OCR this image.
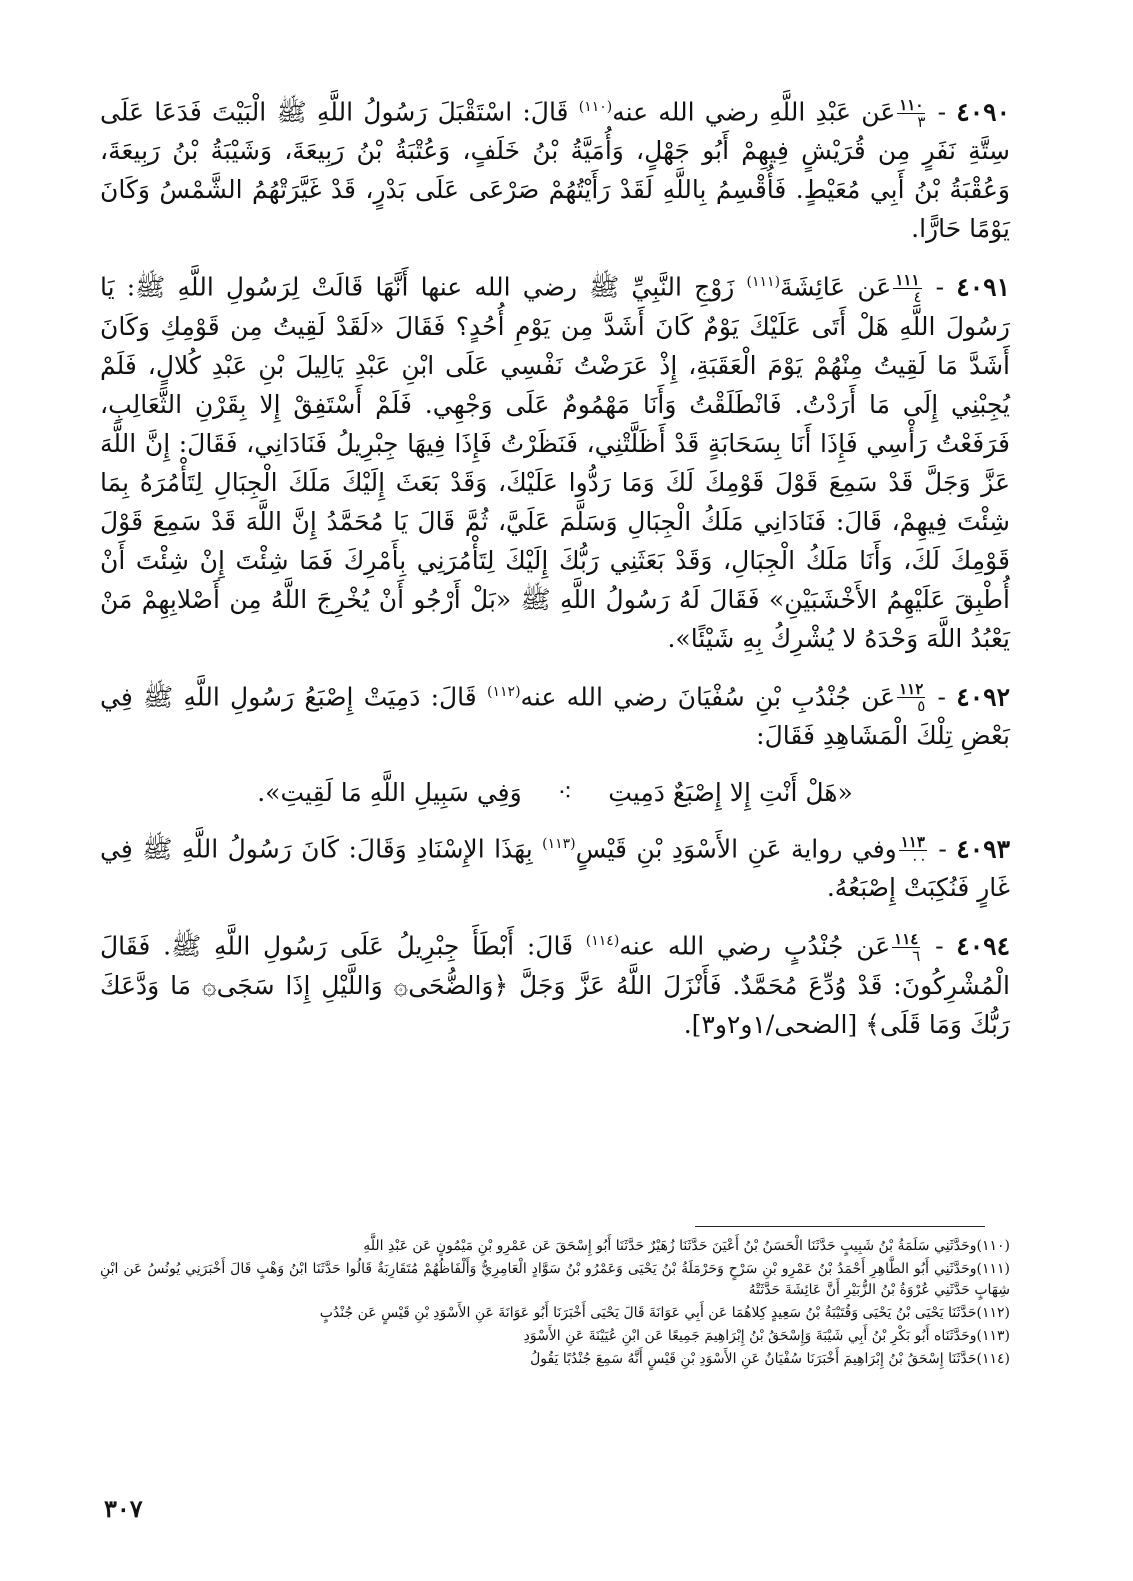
٤٠٩٠ -
$\frac{١١٠}{٣}$
عَن عَبْدِ اللَّهِ رضي الله عنه$^{(١١٠)}$ قَالَ: اسْتَقْبَلَ رَسُولُ اللَّهِ ﷺ الْبَيْتَ فَدَعَا عَلَى سِتَّةِ نَفَرٍ مِن قُرَيْشٍ فِيهِمْ أَبُو جَهْلٍ، وَأُمَيَّةُ بْنُ خَلَفٍ، وَعُتْبَةُ بْنُ رَبِيعَةَ، وَشَيْبَةُ بْنُ رَبِيعَةَ، وَعُقْبَةُ بْنُ أَبِي مُعَيْطٍ. فَأُقْسِمُ بِاللَّهِ لَقَدْ رَأَيْتُهُمْ صَرْعَى عَلَى بَدْرٍ، قَدْ غَيَّرَتْهُمُ الشَّمْسُ وَكَانَ يَوْمًا حَارًّا.

٤٠٩١ -
$\frac{١١١}{٤}$
عَن عَائِشَةَ$^{(١١١)}$ زَوْجِ النَّبِيِّ ﷺ رضي الله عنها أَنَّهَا قَالَتْ لِرَسُولِ اللَّهِ ﷺ: يَا رَسُولَ اللَّهِ هَلْ أَتَى عَلَيْكَ يَوْمٌ كَانَ أَشَدَّ مِن يَوْمِ أُحُدٍ؟ فَقَالَ «لَقَدْ لَقِيتُ مِن قَوْمِكِ وَكَانَ أَشَدَّ مَا لَقِيتُ مِنْهُمْ يَوْمَ الْعَقَبَةِ، إِذْ عَرَضْتُ نَفْسِي عَلَى ابْنِ عَبْدِ يَالِيلَ بْنِ عَبْدِ كُلالٍ، فَلَمْ يُجِبْنِي إِلَى مَا أَرَدْتُ. فَانْطَلَقْتُ وَأَنَا مَهْمُومٌ عَلَى وَجْهِي. فَلَمْ أَسْتَفِقْ إِلا بِقَرْنِ الثَّعَالِبِ، فَرَفَعْتُ رَأْسِي فَإِذَا أَنَا بِسَحَابَةٍ قَدْ أَظَلَّتْنِي، فَنَظَرْتُ فَإِذَا فِيهَا جِبْرِيلُ فَنَادَانِي، فَقَالَ: إِنَّ اللَّهَ عَزَّ وَجَلَّ قَدْ سَمِعَ قَوْلَ قَوْمِكَ لَكَ وَمَا رَدُّوا عَلَيْكَ، وَقَدْ بَعَثَ إِلَيْكَ مَلَكَ الْجِبَالِ لِتَأْمُرَهُ بِمَا شِئْتَ فِيهِمْ، قَالَ: فَنَادَانِي مَلَكُ الْجِبَالِ وَسَلَّمَ عَلَيَّ، ثُمَّ قَالَ يَا مُحَمَّدُ إِنَّ اللَّهَ قَدْ سَمِعَ قَوْلَ قَوْمِكَ لَكَ، وَأَنَا مَلَكُ الْجِبَالِ، وَقَدْ بَعَثَنِي رَبُّكَ إِلَيْكَ لِتَأْمُرَنِي بِأَمْرِكَ فَمَا شِئْتَ إِنْ شِئْتَ أَنْ أُطْبِقَ عَلَيْهِمُ الأَخْشَبَيْنِ» فَقَالَ لَهُ رَسُولُ اللَّهِ ﷺ «بَلْ أَرْجُو أَنْ يُخْرِجَ اللَّهُ مِن أَصْلابِهِمْ مَنْ يَعْبُدُ اللَّهَ وَحْدَهُ لا يُشْرِكُ بِهِ شَيْئًا».

٤٠٩٢ -
$\frac{١١٢}{٥}$
عَن جُنْدُبِ بْنِ سُفْيَانَ رضي الله عنه$^{(١١٢)}$ قَالَ: دَمِيَتْ إِصْبَعُ رَسُولِ اللَّهِ ﷺ فِي بَعْضِ تِلْكَ الْمَشَاهِدِ فَقَالَ:

«هَلْ أَنْتِ إِلا إِصْبَعٌ دَمِيتِ ⁖ وَفِي سَبِيلِ اللَّهِ مَا لَقِيتِ».

٤٠٩٣ -
$\frac{١١٣}{٠٠}$
وفي رواية عَنِ الأَسْوَدِ بْنِ قَيْسٍ$^{(١١٣)}$ بِهَذَا الإِسْنَادِ وَقَالَ: كَانَ رَسُولُ اللَّهِ ﷺ فِي غَارٍ فَنُكِبَتْ إِصْبَعُهُ.

٤٠٩٤ -
$\frac{١١٤}{٦}$
عَن جُنْدُبٍ رضي الله عنه$^{(١١٤)}$ قَالَ: أَبْطَأَ جِبْرِيلُ عَلَى رَسُولِ اللَّهِ ﷺ. فَقَالَ الْمُشْرِكُونَ: قَدْ وُدِّعَ مُحَمَّدٌ. فَأَنْزَلَ اللَّهُ عَزَّ وَجَلَّ ﴿وَالضُّحَى۞ وَاللَّيْلِ إِذَا سَجَى۞ مَا وَدَّعَكَ رَبُّكَ وَمَا قَلَى﴾ [الضحى/١و٢و٣].

(١١٠)وحَدَّثَنِي سَلَمَةُ بْنُ شَبِيبٍ حَدَّثَنَا الْحَسَنُ بْنُ أَعْيَنَ حَدَّثَنَا زُهَيْرٌ حَدَّثَنَا أَبُو إِسْحَقَ عَن عَمْرِو بْنِ مَيْمُونٍ عَن عَبْدِ اللَّهِ

(١١١)وحَدَّثَنِي أَبُو الطَّاهِرِ أَحْمَدُ بْنُ عَمْرِو بْنِ سَرْحٍ وَحَرْمَلَةُ بْنُ يَحْيَى وَعَمْرُو بْنُ سَوَّادٍ الْعَامِرِيُّ وَأَلْفَاظُهُمْ مُتَقَارِبَةٌ قَالُوا حَدَّثَنَا ابْنُ وَهْبٍ قَالَ أَخْبَرَنِي يُونُسُ عَن ابْنِ شِهَابٍ حَدَّثَنِي عُرْوَةُ بْنُ الزُّبَيْرِ أَنَّ عَائِشَةَ حَدَّثَتْهُ

(١١٢)حَدَّثَنَا يَحْيَى بْنُ يَحْيَى وَقُتَيْبَةُ بْنُ سَعِيدٍ كِلاهُمَا عَن أَبِي عَوَانَةَ قَالَ يَحْيَى أَخْبَرَنَا أَبُو عَوَانَةَ عَنِ الأَسْوَدِ بْنِ قَيْسٍ عَن جُنْدُبٍ

(١١٣)وحَدَّثَنَاه أَبُو بَكْرِ بْنُ أَبِي شَيْبَةَ وَإِسْحَقُ بْنُ إِبْرَاهِيمَ جَمِيعًا عَن ابْنِ عُيَيْنَةَ عَنِ الأَسْوَدِ

(١١٤)حَدَّثَنَا إِسْحَقُ بْنُ إِبْرَاهِيمَ أَخْبَرَنَا سُفْيَانُ عَنِ الأَسْوَدِ بْنِ قَيْسٍ أَنَّهُ سَمِعَ جُنْدُبًا يَقُولُ

٣٠٧
